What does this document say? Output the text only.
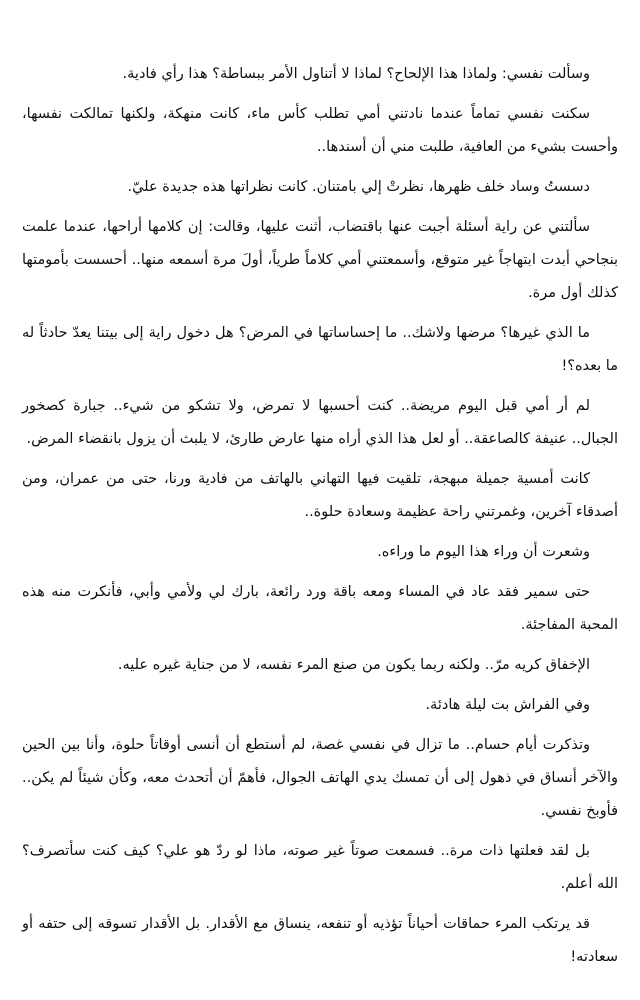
وسألت نفسي: ولماذا هذا الإلحاح؟ لماذا لا أتناول الأمر ببساطة؟ هذا رأي فادية.

سكنت نفسي تماماً عندما نادتني أمي تطلب كأس ماء، كانت منهكة، ولكنها تمالكت نفسها، وأحست بشيء من العافية، طلبت مني أن أسندها..

دسستُ وساد خلف ظهرها، نظرتْ إلي بامتنان. كانت نظراتها هذه جديدة عليّ.

سألتني عن راية أسئلة أجبت عنها باقتضاب، أثنت عليها، وقالت: إن كلامها أراحها، عندما علمت بنجاحي أبدت ابتهاجاً غير متوقع، وأسمعتني أمي كلاماً طرياً، أولَ مرة أسمعه منها.. أحسست بأمومتها كذلك أول مرة.

ما الذي غيرها؟ مرضها ولاشك.. ما إحساساتها في المرض؟ هل دخول راية إلى بيتنا يعدّ حادثاً له ما بعده؟!

لم أر أمي قبل اليوم مريضة.. كنت أحسبها لا تمرض، ولا تشكو من شيء.. جبارة كصخور الجبال.. عنيفة كالصاعقة.. أو لعل هذا الذي أراه منها عارض طارئ، لا يلبث أن يزول بانقضاء المرض.

كانت أمسية جميلة مبهجة، تلقيت فيها التهاني بالهاتف من فادية ورنا، حتى من عمران، ومن أصدقاء آخرين، وغمرتني راحة عظيمة وسعادة حلوة..

وشعرت أن وراء هذا اليوم ما وراءه.

حتى سمير فقد عاد في المساء ومعه باقة ورد رائعة، بارك لي ولأمي وأبي، فأنكرت منه هذه المحبة المفاجئة.

الإخفاق كريه مرّ.. ولكنه ربما يكون من صنع المرء نفسه، لا من جناية غيره عليه.

وفي الفراش بت ليلة هادئة.

وتذكرت أيام حسام.. ما تزال في نفسي غصة، لم أستطع أن أنسى أوقاتاً حلوة، وأنا بين الحين والآخر أنساق في ذهول إلى أن تمسك يدي الهاتف الجوال، فأهمّ أن أتحدث معه، وكأن شيئاً لم يكن.. فأوبخ نفسي.

بل لقد فعلتها ذات مرة.. فسمعت صوتاً غير صوته، ماذا لو ردّ هو علي؟ كيف كنت سأتصرف؟ الله أعلم.

قد يرتكب المرء حماقات أحياناً تؤذيه أو تنفعه، ينساق مع الأقدار. بل الأقدار تسوقه إلى حتفه أو سعادته!
